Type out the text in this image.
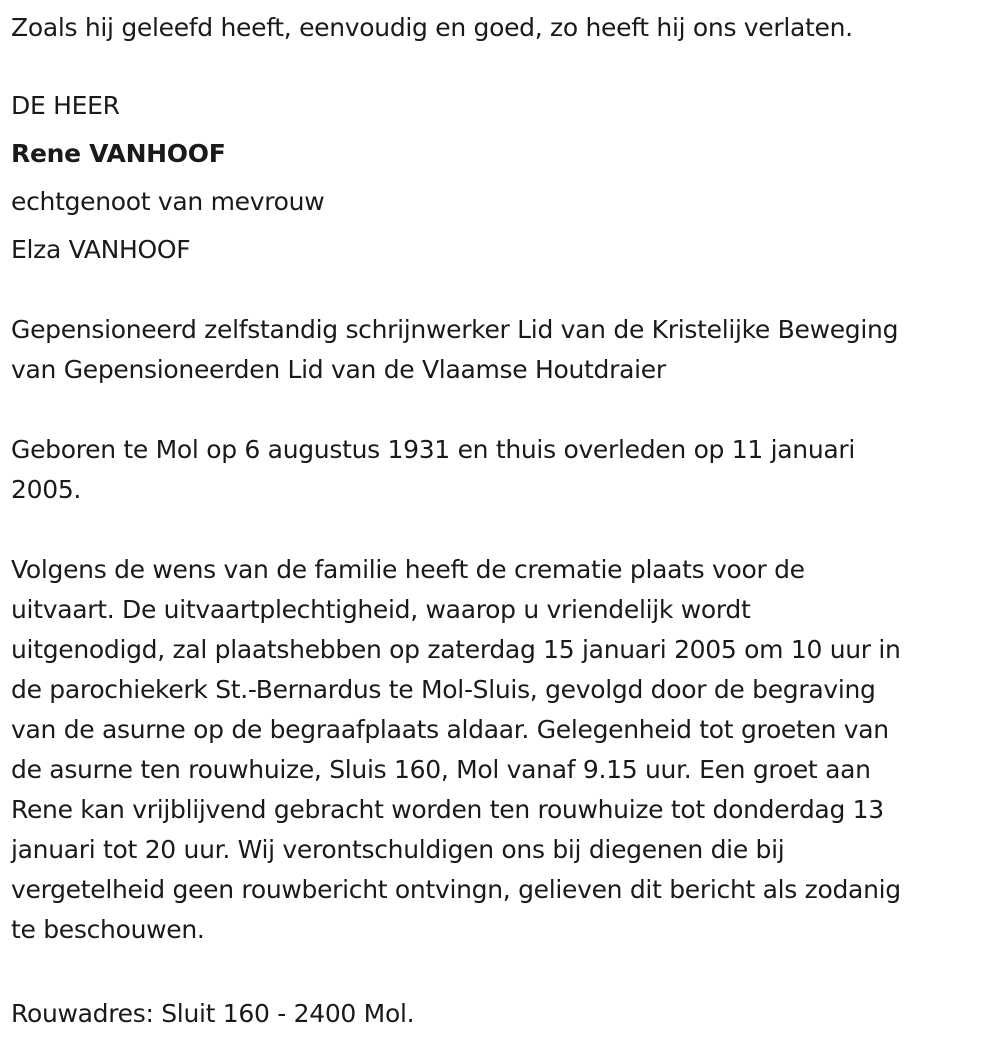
Zoals hij geleefd heeft, eenvoudig en goed, zo heeft hij ons verlaten.

DE HEER

Rene VANHOOF

echtgenoot van mevrouw

Elza VANHOOF

Gepensioneerd zelfstandig schrijnwerker Lid van de Kristelijke Beweging

van Gepensioneerden Lid van de Vlaamse Houtdraier

Geboren te Mol op 6 augustus 1931 en thuis overleden op 11 januari

2005.

Volgens de wens van de familie heeft de crematie plaats voor de

uitvaart. De uitvaartplechtigheid, waarop u vriendelijk wordt

uitgenodigd, zal plaatshebben op zaterdag 15 januari 2005 om 10 uur in

de parochiekerk St.-Bernardus te Mol-Sluis, gevolgd door de begraving

van de asurne op de begraafplaats aldaar. Gelegenheid tot groeten van

de asurne ten rouwhuize, Sluis 160, Mol vanaf 9.15 uur. Een groet aan

Rene kan vrijblijvend gebracht worden ten rouwhuize tot donderdag 13

januari tot 20 uur. Wij verontschuldigen ons bij diegenen die bij

vergetelheid geen rouwbericht ontvingn, gelieven dit bericht als zodanig

te beschouwen.

Rouwadres: Sluit 160 - 2400 Mol.
